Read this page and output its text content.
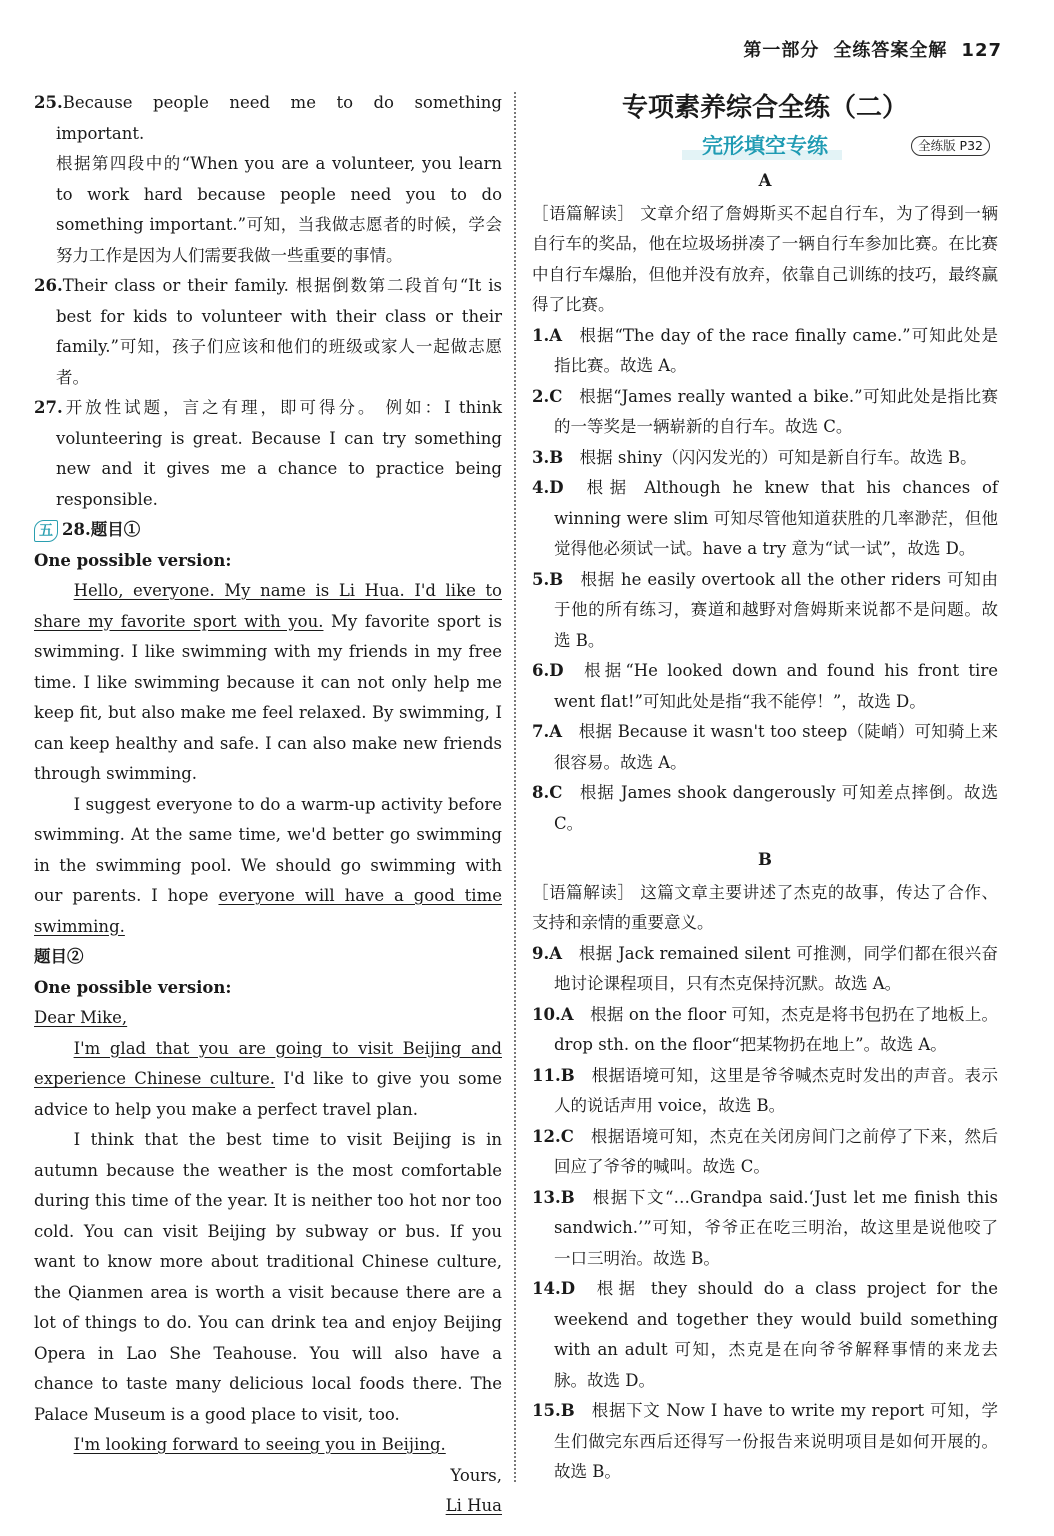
第一部分 全练答案全解 127

25.Because people need me to do something important.
根据第四段中的“When you are a volunteer, you learn to work hard because people need you to do something important.”可知，当我做志愿者的时候，学会努力工作是因为人们需要我做一些重要的事情。

26.Their class or their family. 根据倒数第二段首句“It is best for kids to volunteer with their class or their family.”可知，孩子们应该和他们的班级或家人一起做志愿者。

27.开放性试题，言之有理，即可得分。 例如：I think volunteering is great. Because I can try something new and it gives me a chance to practice being responsible.

五 28.题目①

One possible version:

Hello, everyone. My name is Li Hua. I'd like to share my favorite sport with you. My favorite sport is swimming. I like swimming with my friends in my free time. I like swimming because it can not only help me keep fit, but also make me feel relaxed. By swimming, I can keep healthy and safe. I can also make new friends through swimming.

I suggest everyone to do a warm-up activity before swimming. At the same time, we'd better go swimming in the swimming pool. We should go swimming with our parents. I hope everyone will have a good time swimming.

题目②

One possible version:

Dear Mike,

I'm glad that you are going to visit Beijing and experience Chinese culture. I'd like to give you some advice to help you make a perfect travel plan.

I think that the best time to visit Beijing is in autumn because the weather is the most comfortable during this time of the year. It is neither too hot nor too cold. You can visit Beijing by subway or bus. If you want to know more about traditional Chinese culture, the Qianmen area is worth a visit because there are a lot of things to do. You can drink tea and enjoy Beijing Opera in Lao She Teahouse. You will also have a chance to taste many delicious local foods there. The Palace Museum is a good place to visit, too.

I'm looking forward to seeing you in Beijing.

Yours,

Li Hua

专项素养综合全练（二）
完形填空专练	全练版 P32
A

［语篇解读］ 文章介绍了詹姆斯买不起自行车，为了得到一辆自行车的奖品，他在垃圾场拼凑了一辆自行车参加比赛。在比赛中自行车爆胎，但他并没有放弃，依靠自己训练的技巧，最终赢得了比赛。

1.A   根据“The day of the race finally came.”可知此处是指比赛。故选 A。

2.C   根据“James really wanted a bike.”可知此处是指比赛的一等奖是一辆崭新的自行车。故选 C。

3.B   根据 shiny（闪闪发光的）可知是新自行车。故选 B。

4.D   根据 Although he knew that his chances of winning were slim 可知尽管他知道获胜的几率渺茫，但他觉得他必须试一试。have a try 意为“试一试”，故选 D。

5.B   根据 he easily overtook all the other riders 可知由于他的所有练习，赛道和越野对詹姆斯来说都不是问题。故选 B。

6.D   根据“He looked down and found his front tire went flat!”可知此处是指“我不能停！”，故选 D。

7.A   根据 Because it wasn't too steep（陡峭）可知骑上来很容易。故选 A。

8.C   根据 James shook dangerously 可知差点摔倒。故选 C。

B

［语篇解读］ 这篇文章主要讲述了杰克的故事，传达了合作、支持和亲情的重要意义。

9.A   根据 Jack remained silent 可推测，同学们都在很兴奋地讨论课程项目，只有杰克保持沉默。故选 A。

10.A   根据 on the floor 可知，杰克是将书包扔在了地板上。drop sth. on the floor“把某物扔在地上”。故选 A。

11.B   根据语境可知，这里是爷爷喊杰克时发出的声音。表示人的说话声用 voice，故选 B。

12.C   根据语境可知，杰克在关闭房间门之前停了下来，然后回应了爷爷的喊叫。故选 C。

13.B   根据下文“…Grandpa said.‘Just let me finish this sandwich.’”可知，爷爷正在吃三明治，故这里是说他咬了一口三明治。故选 B。

14.D   根据 they should do a class project for the weekend and together they would build something with an adult 可知，杰克是在向爷爷解释事情的来龙去脉。故选 D。

15.B   根据下文 Now I have to write my report 可知，学生们做完东西后还得写一份报告来说明项目是如何开展的。故选 B。
